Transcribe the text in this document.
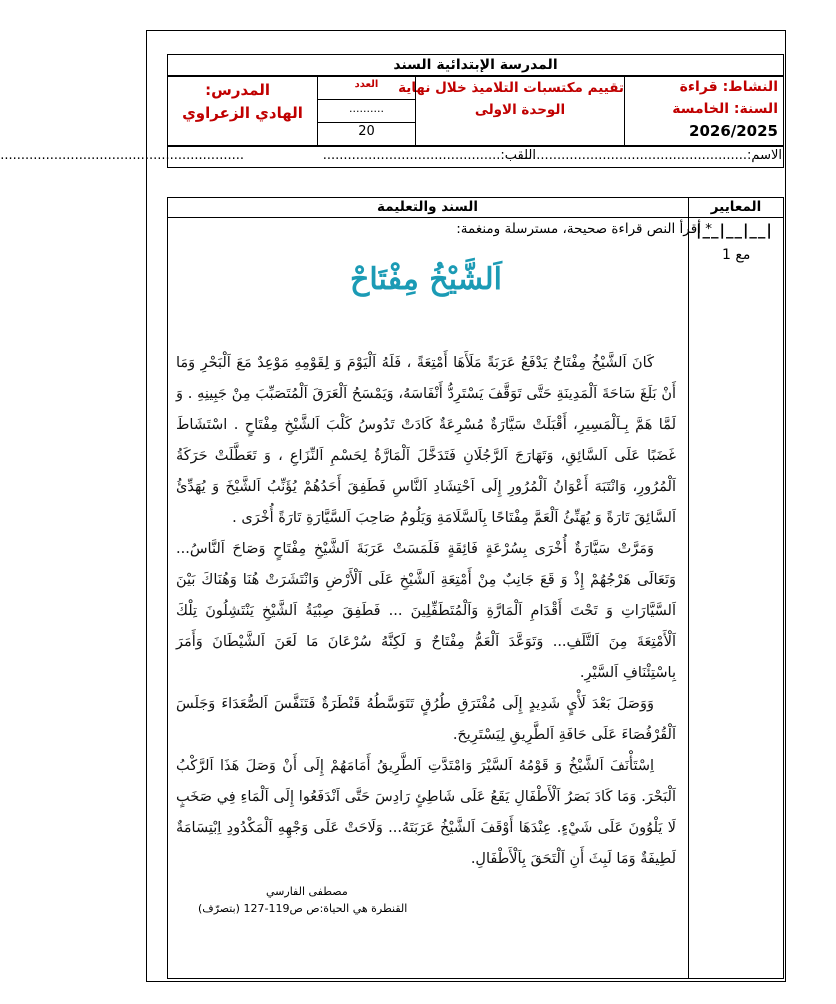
المدرسة الإبتدائية السند
النشاط: قراءة
السنة: الخامسة
2026/2025
تقييم مكتسبات التلاميذ خلال نهاية
الوحدة الاولى
العدد
..........
20
المدرس:
الهادي الزعراوي
الاسم:.......................................................
اللقب:...........................................
...........................................................
المعايير
السند والتعليمة
|__|__|__|
مع 1
* أقرأ النص قراءة صحيحة، مسترسلة ومنغمة:
اَلشَّيْخُ مِفْتَاحْ

كَانَ اَلشَّيْخُ مِفْتَاحٌ يَدْفَعُ عَرَبَةً مَلَأَهَا أَمْتِعَةً ، فَلَهُ اَلْيَوْمَ وَ لِقَوْمِهِ مَوْعِدٌ مَعَ اَلْبَحْرِ وَمَا أَنْ بَلَغَ سَاحَةَ اَلْمَدِينَةِ حَتَّى تَوَقَّفَ يَسْتَرِدُّ أَنْفَاسَهُ، وَيَمْسَحُ اَلْعَرَقَ اَلْمُتَصَبِّبَ مِنْ جَبِينِهِ . وَ لَمَّا هَمَّ بِـاَلْمَسِيرِ، أَقْبَلَتْ سَيَّارَةٌ مُسْرِعَةٌ كَادَتْ تَدُوسُ كَلْبَ اَلشَّيْخِ مِفْتَاحٍ . اسْتَشَاطَ غَضَبًا عَلَى اَلسَّائِقِ، وَتَهَارَجَ اَلرَّجُلَانِ فَتَدَخَّلَ اَلْمَارَّةُ لِحَسْمِ اَلنِّزَاعِ ، وَ تَعَطَّلَتْ حَرَكَةُ اَلْمُرُورِ، وَانْتَبَهَ أَعْوَانُ اَلْمُرُورِ إِلَى اَحْتِشَادِ اَلنَّاسِ فَطَفِقَ أَحَدُهُمْ يُؤَنِّبُ اَلشَّيْخَ وَ يُهَدِّئُ اَلسَّائِقَ تَارَةً وَ يُهَنِّئُ اَلْعَمَّ مِفْتَاحًا بِاَلسَّلَامَةِ وَيَلُومُ صَاحِبَ اَلسَّيَّارَةِ تَارَةً أُخْرَى .

وَمَرَّتْ سَيَّارَةٌ أُخْرَى بِسُرْعَةٍ فَائِقَةٍ فَلَمَسَتْ عَرَبَةَ اَلشَّيْخِ مِفْتَاحٍ وَصَاحَ اَلنَّاسُ... وَتَعَالَى هَرْجُهُمْ إِذْ وَ قَعَ جَانِبٌ مِنْ أَمْتِعَةِ اَلشَّيْخِ عَلَى اَلْأَرْضِ وَانْتَشَرَتْ هُنَا وَهُنَاكَ بَيْنَ اَلسَّيَّارَاتِ وَ تَحْتَ أَقْدَامِ اَلْمَارَّةِ وَاَلْمُتَطَفِّلِينَ ... فَطَفِقَ صِبْيَةُ اَلشَّيْخِ يَنْتَشِلُونَ تِلْكَ اَلْأَمْتِعَةَ مِنَ اَلتَّلَفِ... وَتَوَعَّدَ اَلْعَمُّ مِفْتَاحٌ وَ لَكِنَّهُ سُرْعَانَ مَا لَعَنَ اَلشَّيْطَانَ وَأَمَرَ بِاسْتِئْنَافِ اَلسَّيْرِ.

وَوَصَلَ بَعْدَ لَأْيٍ شَدِيدٍ إِلَى مُفْتَرَقِ طُرُقٍ تَتَوَسَّطُهُ قَنْطَرَةٌ فَتَنَفَّسَ اَلصُّعَدَاءَ وَجَلَسَ اَلْقُرْفُصَاءَ عَلَى حَافَةِ اَلطَّرِيقِ لِيَسْتَرِيحَ.

اِسْتَأْنَفَ اَلشَّيْخُ وَ قَوْمُهُ اَلسَّيْرَ وَامْتَدَّتِ اَلطَّرِيقُ أَمَامَهُمْ إِلَى أَنْ وَصَلَ هَذَا اَلرَّكْبُ اَلْبَحْرَ. وَمَا كَادَ بَصَرُ اَلْأَطْفَالِ يَقَعُ عَلَى شَاطِئٍ رَادِسَ حَتَّى اَنْدَفَعُوا إِلَى اَلْمَاءِ فِي صَخَبٍ لَا يَلْوُونَ عَلَى شَيْءٍ. عِنْدَهَا أَوْقَفَ اَلشَّيْخُ عَرَبَتَهُ... وَلَاحَتْ عَلَى وَجْهِهِ اَلْمَكْدُودِ اِبْتِسَامَةٌ لَطِيفَةٌ وَمَا لَبِثَ أَنِ اَلْتَحَقَ بِاَلْأَطْفَالِ.

مصطفى الفارسي
القنطرة هي الحياة:ص ص119-127 (بتصرّف)
